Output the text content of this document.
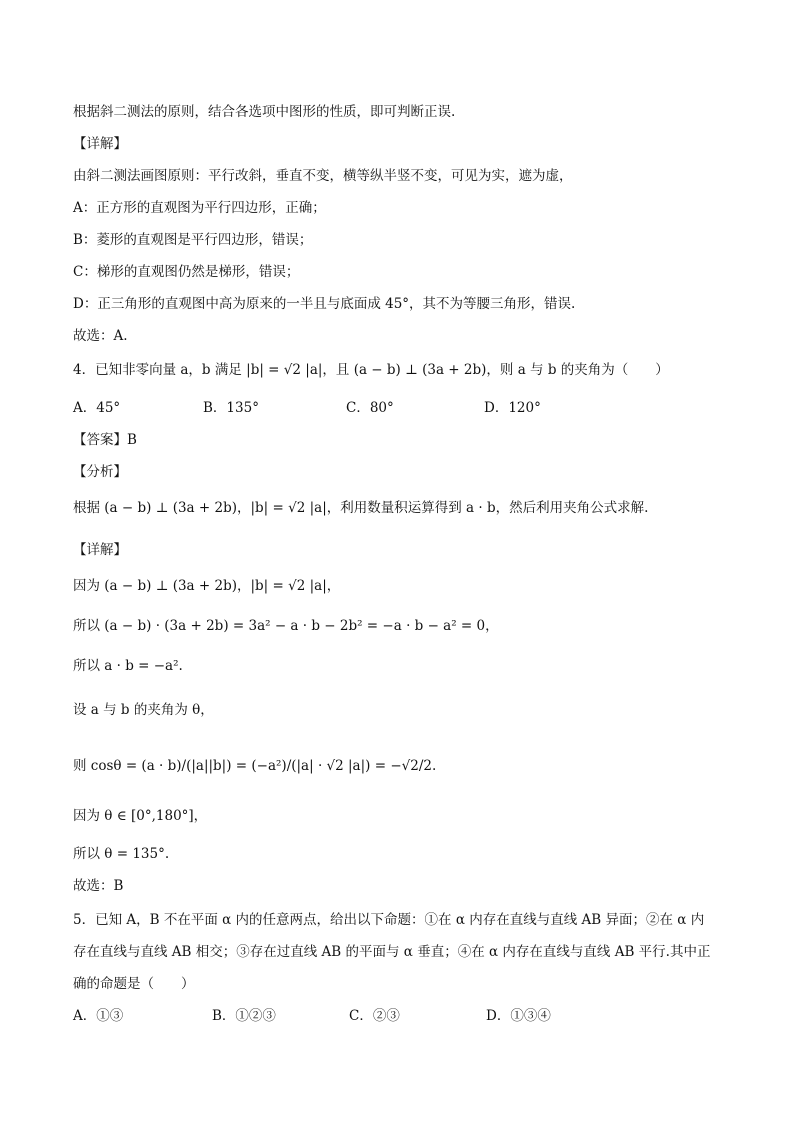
根据斜二测法的原则，结合各选项中图形的性质，即可判断正误.
【详解】
由斜二测法画图原则：平行改斜，垂直不变，横等纵半竖不变，可见为实，遮为虚，
A：正方形的直观图为平行四边形，正确；
B：菱形的直观图是平行四边形，错误；
C：梯形的直观图仍然是梯形，错误；
D：正三角形的直观图中高为原来的一半且与底面成 45°，其不为等腰三角形，错误.
故选：A.
4．已知非零向量 a，b 满足 |b| = √2 |a|，且 (a − b) ⊥ (3a + 2b)，则 a 与 b 的夹角为（　　）
A．45°	B．135°	C．80°	D．120°
【答案】B
【分析】
根据 (a − b) ⊥ (3a + 2b)，|b| = √2 |a|，利用数量积运算得到 a · b，然后利用夹角公式求解.
【详解】
因为 (a − b) ⊥ (3a + 2b)，|b| = √2 |a|，
所以 (a − b) · (3a + 2b) = 3a² − a · b − 2b² = −a · b − a² = 0，
所以 a · b = −a².
设 a 与 b 的夹角为 θ，
则 cosθ = (a · b)/(|a||b|) = (−a²)/(|a| · √2 |a|) = −√2/2.
因为 θ ∈ [0°,180°]，
所以 θ = 135°.
故选：B
5．已知 A，B 不在平面 α 内的任意两点，给出以下命题：①在 α 内存在直线与直线 AB 异面；②在 α 内
存在直线与直线 AB 相交；③存在过直线 AB 的平面与 α 垂直；④在 α 内存在直线与直线 AB 平行.其中正
确的命题是（　　）
A．①③	B．①②③	C．②③	D．①③④
